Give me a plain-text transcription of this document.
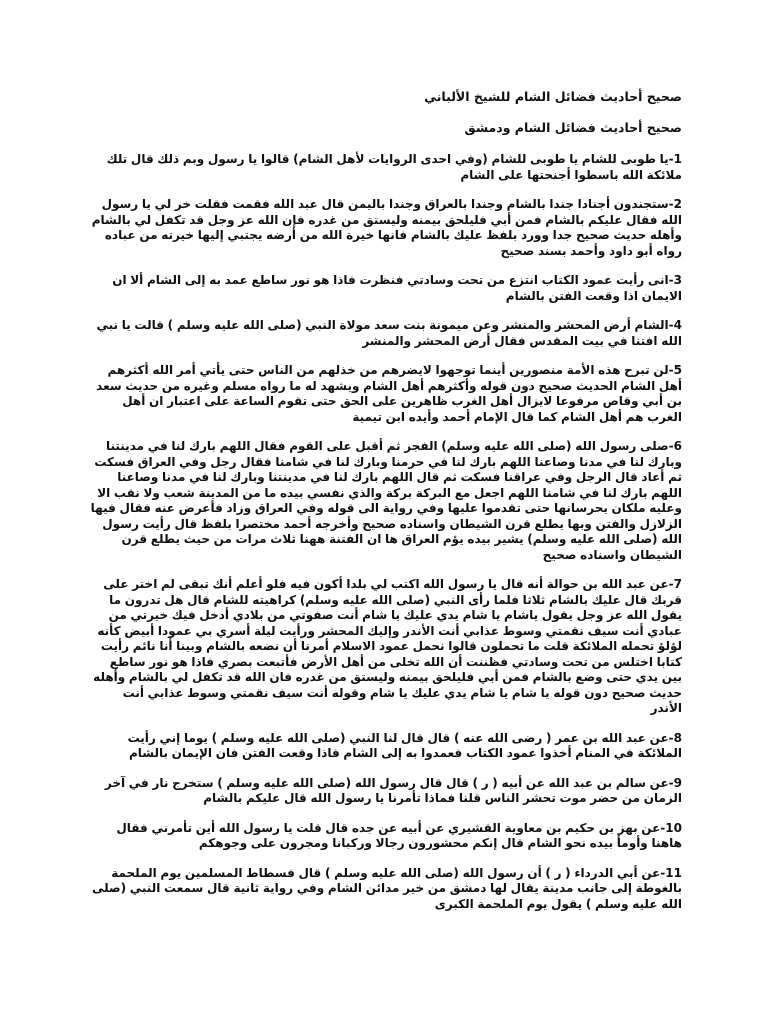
صحيح أحاديث فضائل الشام للشيخ الألباني
صحيح أحاديث فضائل الشام ودمشق

1-يا طوبى للشام يا طوبى للشام (وفي احدى الروايات لأهل الشام) قالوا يا رسول وبم ذلك قال تلك ملائكة الله باسطوا أجنحتها على الشام

2-ستجندون أجنادا جندا بالشام وجندا بالعراق وجندا باليمن قال عبد الله فقمت فقلت خر لي يا رسول الله فقال عليكم بالشام فمن أبي فليلحق بيمنه وليستق من غدره فإن الله عز وجل قد تكفل لي بالشام وأهله حديث صحيح جدا وورد بلفظ عليك بالشام فانها خيرة الله من أرضه يجتبي إليها خيرته من عباده رواه أبو داود وأحمد بسند صحيح

3-انى رأيت عمود الكتاب انتزع من تحت وسادتي فنظرت فاذا هو نور ساطع عمد به إلى الشام ألا ان الايمان اذا وقعت الفتن بالشام

4-الشام أرض المحشر والمنشر وعن ميمونة بنت سعد مولاة النبي (صلى الله عليه وسلم ) قالت يا نبي الله افتنا في بيت المقدس فقال أرض المحشر والمنشر

5-لن تبرح هذه الأمة منصورين أينما توجهوا لايضرهم من خذلهم من الناس حتى يأتي أمر الله أكثرهم أهل الشام الحديث صحيح دون قوله وأكثرهم أهل الشام ويشهد له ما رواه مسلم وغيره من حديث سعد بن أبي وقاص مرفوعا لايزال أهل الغرب ظاهرين على الحق حتى تقوم الساعة على اعتبار ان أهل الغرب هم أهل الشام كما قال الإمام أحمد وأيده ابن تيمية

6-صلى رسول الله (صلى الله عليه وسلم) الفجر ثم أقبل على القوم فقال اللهم بارك لنا في مدينتنا وبارك لنا في مدنا وصاعنا اللهم بارك لنا في حرمنا وبارك لنا في شامنا فقال رجل وفي العراق فسكت ثم أعاد قال الرجل وفي عراقنا فسكت ثم قال اللهم بارك لنا في مدينتنا وبارك لنا في مدنا وصاعنا اللهم بارك لنا في شامنا اللهم اجعل مع البركة بركة والذي نفسي بيده ما من المدينة شعب ولا نقب الا وعليه ملكان يحرسانها حتى تقدموا عليها وفي رواية الى قوله وفي العراق وزاد فأعرض عنه فقال فيها الزلازل والفتن وبها يطلع قرن الشيطان واسناده صحيح وأخرجه أحمد مختصرا بلفظ قال رأيت رسول الله (صلى الله عليه وسلم) يشير بيده يؤم العراق ها ان الفتنة ههنا ثلاث مرات من حيث يطلع قرن الشيطان واسناده صحيح

7-عن عبد الله بن حوالة أنه قال يا رسول الله اكتب لي بلدا أكون فيه فلو أعلم أنك تبقى لم اختر على قربك قال عليك بالشام ثلاثا فلما رأى النبي (صلى الله عليه وسلم) كراهيته للشام قال هل تدرون ما يقول الله عز وجل يقول ياشام يا شام يدي عليك يا شام أنت صفوتي من بلادي أدخل فيك خيرتي من عبادي أنت سيف نقمتي وسوط عذابي أنت الأندر وإليك المحشر ورأيت ليلة أسري بي عمودا أبيض كأنه لؤلؤ تحمله الملائكة قلت ما تحملون قالوا نحمل عمود الاسلام أمرنا أن نضعه بالشام وبينا أنا نائم رأيت كتابا اختلس من تحت وسادتي فظننت أن الله تخلى من أهل الأرض فأتبعت بصري فاذا هو نور ساطع بين يدي حتى وضع بالشام فمن أبي فليلحق بيمنه وليستق من غدره فان الله قد تكفل لي بالشام وأهله حديث صحيح دون قوله يا شام يا شام يدي عليك يا شام وقوله أنت سيف نقمتي وسوط عذابي أنت الأندر

8-عن عبد الله بن عمر ( رضى الله عنه ) قال قال لنا النبي (صلى الله عليه وسلم ) يوما إني رأيت الملائكة في المنام أخذوا عمود الكتاب فعمدوا به إلى الشام فاذا وقعت الفتن فان الإيمان بالشام

9-عن سالم بن عبد الله عن أبيه ( ر ) قال قال رسول الله (صلى الله عليه وسلم ) ستخرج نار في آخر الزمان من حضر موت تحشر الناس قلنا فماذا تأمرنا يا رسول الله قال عليكم بالشام

10-عن بهز بن حكيم بن معاوية القشيري عن أبيه عن جده قال قلت يا رسول الله أين تأمرني فقال هاهنا وأومأ بيده نحو الشام قال إنكم محشورون رجالا وركبانا ومجرون على وجوهكم

11-عن أبي الدرداء ( ر ) أن رسول الله (صلى الله عليه وسلم ) قال فسطاط المسلمين يوم الملحمة بالغوطة إلى جانب مدينة يقال لها دمشق من خير مدائن الشام وفي رواية ثانية قال سمعت النبي (صلى الله عليه وسلم ) يقول يوم الملحمة الكبرى
